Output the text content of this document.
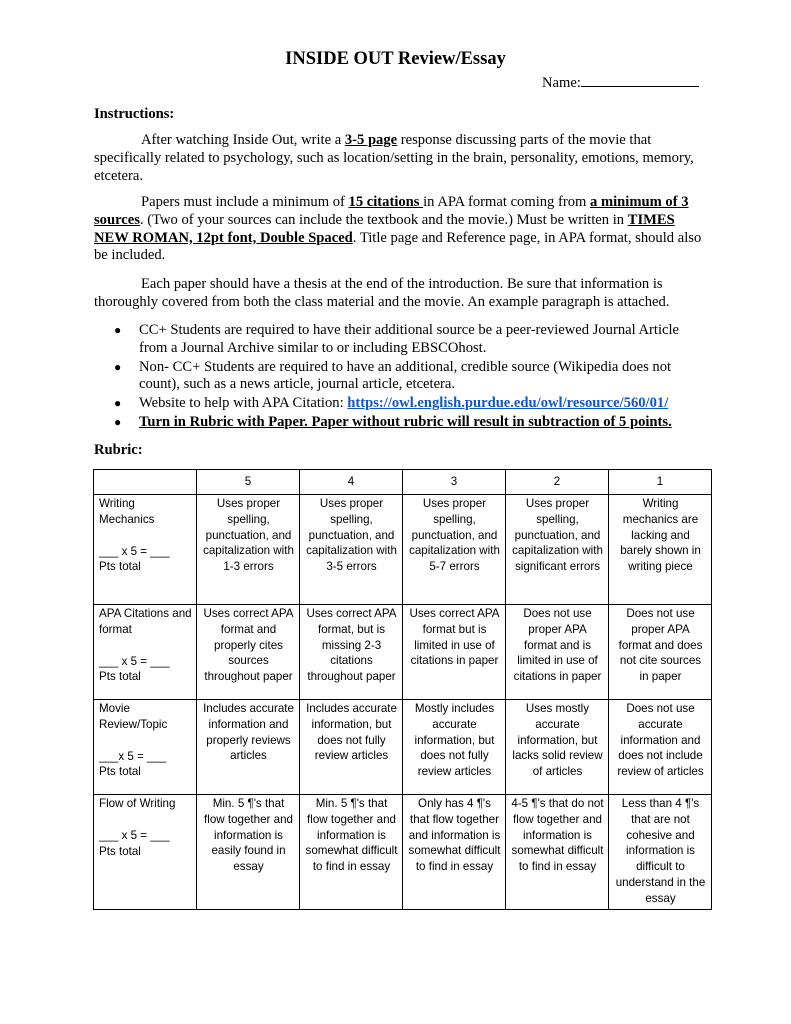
INSIDE OUT Review/Essay
Name:
Instructions:

After watching Inside Out, write a 3-5 page response discussing parts of the movie that specifically related to psychology, such as location/setting in the brain, personality, emotions, memory, etcetera.

Papers must include a minimum of 15 citations in APA format coming from a minimum of 3 sources. (Two of your sources can include the textbook and the movie.) Must be written in TIMES NEW ROMAN, 12pt font, Double Spaced. Title page and Reference page, in APA format, should also be included.

Each paper should have a thesis at the end of the introduction. Be sure that information is thoroughly covered from both the class material and the movie. An example paragraph is attached.

● CC+ Students are required to have their additional source be a peer-reviewed Journal Article from a Journal Archive similar to or including EBSCOhost.
● Non- CC+ Students are required to have an additional, credible source (Wikipedia does not count), such as a news article, journal article, etcetera.
● Website to help with APA Citation: https://owl.english.purdue.edu/owl/resource/560/01/
● Turn in Rubric with Paper. Paper without rubric will result in subtraction of 5 points.
Rubric:
	5	4	3	2	1

Writing Mechanics
___ x 5 = ___
Pts total	Uses proper spelling, punctuation, and capitalization with 1-3 errors	Uses proper spelling, punctuation, and capitalization with 3-5 errors	Uses proper spelling, punctuation, and capitalization with 5-7 errors	Uses proper spelling, punctuation, and capitalization with significant errors	Writing mechanics are lacking and barely shown in writing piece

APA Citations and format
___ x 5 = ___
Pts total	Uses correct APA format and properly cites sources throughout paper	Uses correct APA format, but is missing 2-3 citations throughout paper	Uses correct APA format but is limited in use of citations in paper	Does not use proper APA format and is limited in use of citations in paper	Does not use proper APA format and does not cite sources in paper

Movie Review/Topic
___x 5 = ___
Pts total	Includes accurate information and properly reviews articles	Includes accurate information, but does not fully review articles	Mostly includes accurate information, but does not fully review articles	Uses mostly accurate information, but lacks solid review of articles	Does not use accurate information and does not include review of articles

Flow of Writing
___ x 5 = ___
Pts total	Min. 5 ¶'s that flow together and information is easily found in essay	Min. 5 ¶'s that flow together and information is somewhat difficult to find in essay	Only has 4 ¶'s that flow together and information is somewhat difficult to find in essay	4-5 ¶'s that do not flow together and information is somewhat difficult to find in essay	Less than 4 ¶'s that are not cohesive and information is difficult to understand in the essay
